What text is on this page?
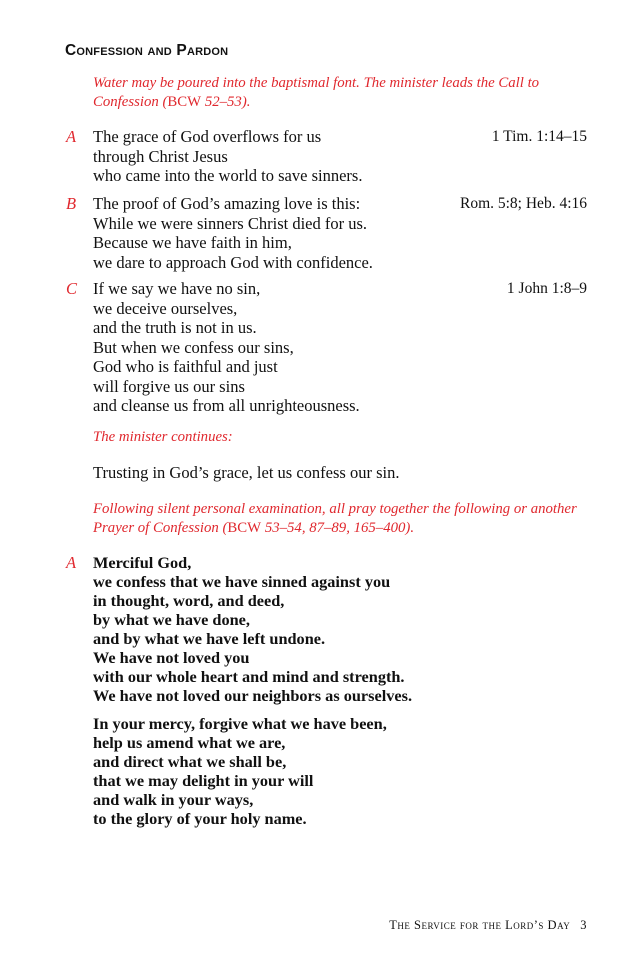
Confession and Pardon

Water may be poured into the baptismal font. The minister leads the Call to Confession (BCW 52–53).

A The grace of God overflows for us
through Christ Jesus
who came into the world to save sinners.
1 Tim. 1:14–15
B The proof of God’s amazing love is this:
While we were sinners Christ died for us.
Because we have faith in him,
we dare to approach God with confidence.
Rom. 5:8; Heb. 4:16
C If we say we have no sin,
we deceive ourselves,
and the truth is not in us.
But when we confess our sins,
God who is faithful and just
will forgive us our sins
and cleanse us from all unrighteousness.
1 John 1:8–9

The minister continues:

Trusting in God’s grace, let us confess our sin.

Following silent personal examination, all pray together the following or another Prayer of Confession (BCW 53–54, 87–89, 165–400).

A Merciful God,
we confess that we have sinned against you
in thought, word, and deed,
by what we have done,
and by what we have left undone.
We have not loved you
with our whole heart and mind and strength.
We have not loved our neighbors as ourselves.
In your mercy, forgive what we have been,
help us amend what we are,
and direct what we shall be,
that we may delight in your will
and walk in your ways,
to the glory of your holy name.
The Service for the Lord’s Day 3
